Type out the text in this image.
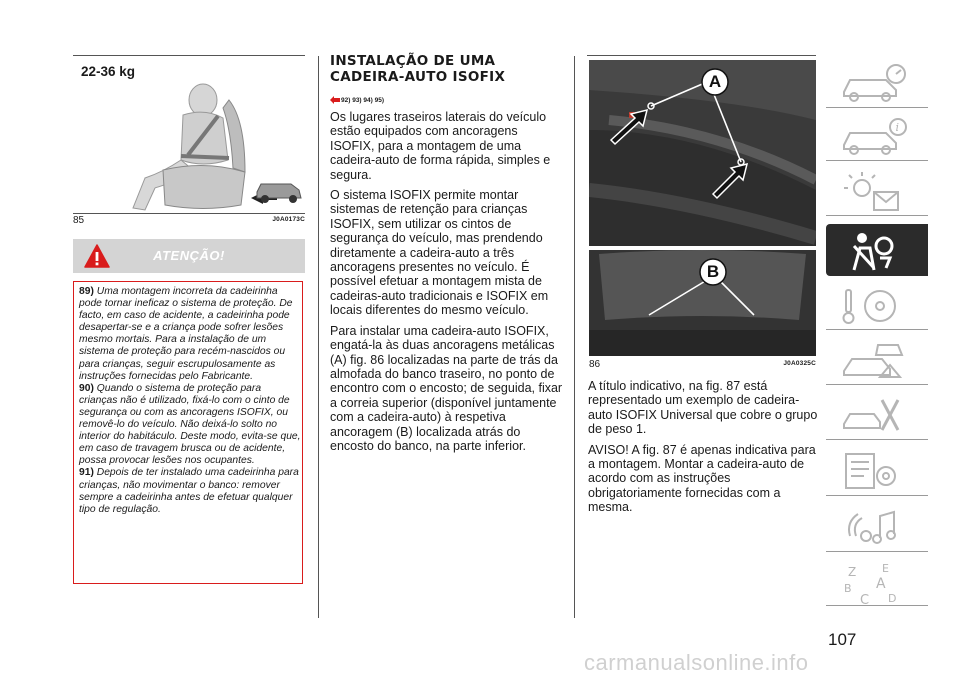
22-36 kg
85	J0A0173C
ATENÇÃO!

89) Uma montagem incorreta da cadeirinha pode tornar ineficaz o sistema de proteção. De facto, em caso de acidente, a cadeirinha pode desapertar-se e a criança pode sofrer lesões mesmo mortais. Para a instalação de um sistema de proteção para recém-nascidos ou para crianças, seguir escrupulosamente as instruções fornecidas pelo Fabricante.

90) Quando o sistema de proteção para crianças não é utilizado, fixá-lo com o cinto de segurança ou com as ancoragens ISOFIX, ou removê-lo do veículo. Não deixá-lo solto no interior do habitáculo. Deste modo, evita-se que, em caso de travagem brusca ou de acidente, possa provocar lesões nos ocupantes.

91) Depois de ter instalado uma cadeirinha para crianças, não movimentar o banco: remover sempre a cadeirinha antes de efetuar qualquer tipo de regulação.

INSTALAÇÃO DE UMA CADEIRA-AUTO ISOFIX
92) 93) 94) 95)

Os lugares traseiros laterais do veículo estão equipados com ancoragens ISOFIX, para a montagem de uma cadeira-auto de forma rápida, simples e segura.

O sistema ISOFIX permite montar sistemas de retenção para crianças ISOFIX, sem utilizar os cintos de segurança do veículo, mas prendendo diretamente a cadeira-auto a três ancoragens presentes no veículo. É possível efetuar a montagem mista de cadeiras-auto tradicionais e ISOFIX em locais diferentes do mesmo veículo.

Para instalar uma cadeira-auto ISOFIX, engatá-la às duas ancoragens metálicas (A) fig. 86 localizadas na parte de trás da almofada do banco traseiro, no ponto de encontro com o encosto; de seguida, fixar a correia superior (disponível juntamente com a cadeira-auto) à respetiva ancoragem (B) localizada atrás do encosto do banco, na parte inferior.

A
B
86	J0A0325C

A título indicativo, na fig. 87 está representado um exemplo de cadeira-auto ISOFIX Universal que cobre o grupo de peso 1.

AVISO! A fig. 87 é apenas indicativa para a montagem. Montar a cadeira-auto de acordo com as instruções obrigatoriamente fornecidas com a mesma.

i
Z E
B A
C D
107
carmanualsonline.info
